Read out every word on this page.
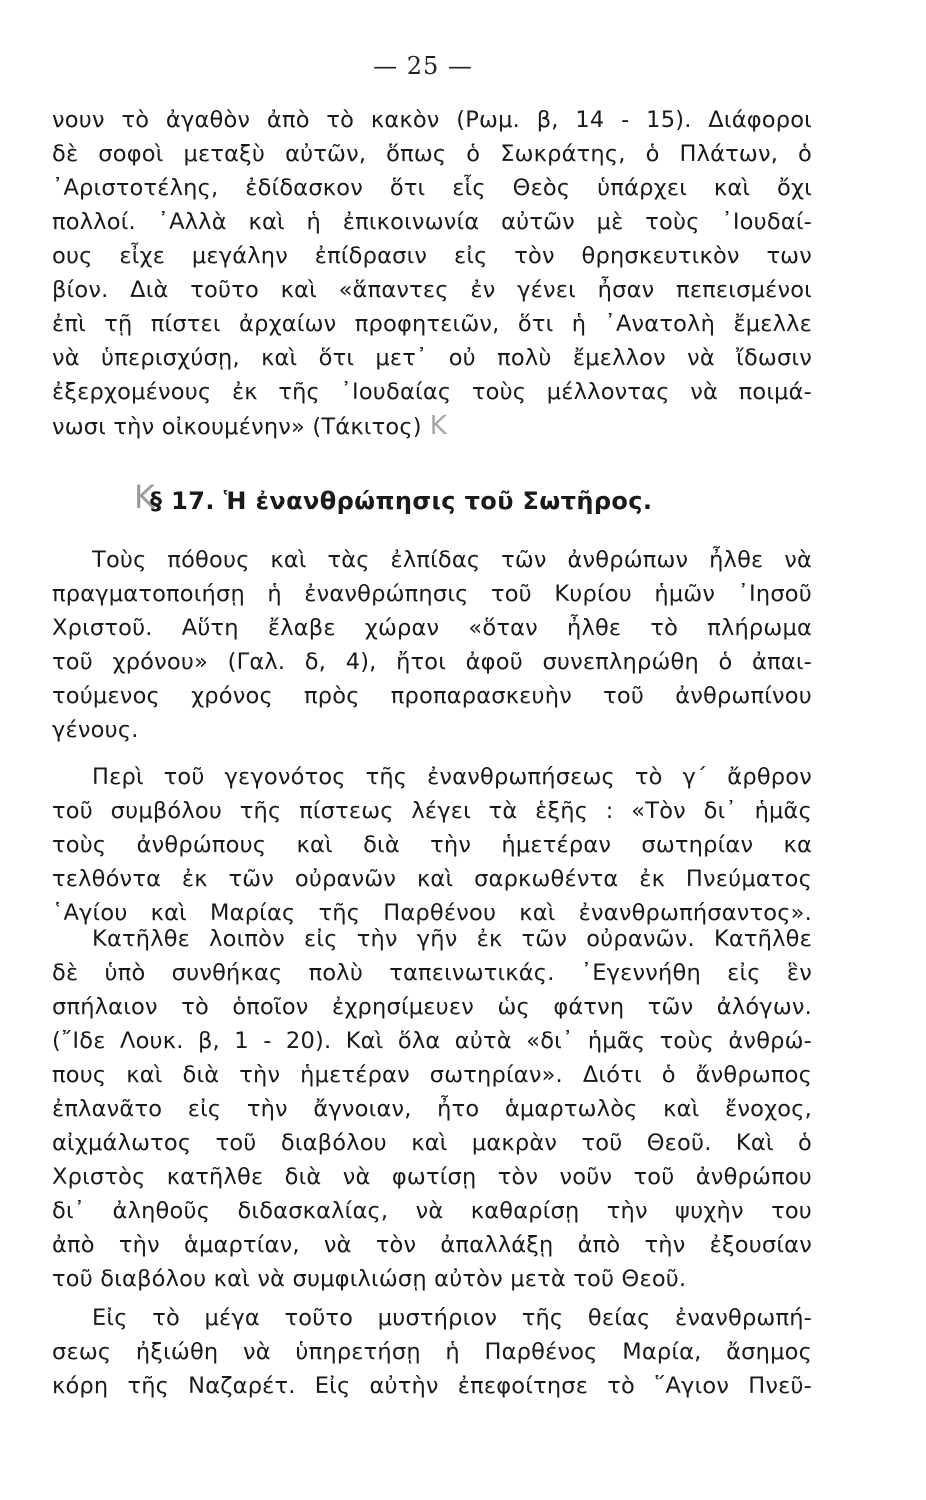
— 25 —
νουν τὸ ἀγαθὸν ἀπὸ τὸ κακὸν (Ρωμ. β, 14 - 15). Διάφοροι
δὲ σοφοὶ μεταξὺ αὐτῶν, ὅπως ὁ Σωκράτης, ὁ Πλάτων, ὁ
᾿Αριστοτέλης, ἐδίδασκον ὅτι εἷς Θεὸς ὑπάρχει καὶ ὄχι
πολλοί. ᾿Αλλὰ καὶ ἡ ἐπικοινωνία αὐτῶν μὲ τοὺς ᾿Ιουδαί-
ους εἶχε μεγάλην ἐπίδρασιν εἰς τὸν θρησκευτικὸν των
βίον. Διὰ τοῦτο καὶ «ἅπαντες ἐν γένει ἦσαν πεπεισμένοι
ἐπὶ τῇ πίστει ἀρχαίων προφητειῶν, ὅτι ἡ ᾿Ανατολὴ ἔμελλε
νὰ ὑπερισχύσῃ, καὶ ὅτι μετ᾿ οὐ πολὺ ἔμελλον νὰ ἴδωσιν
ἐξερχομένους ἐκ τῆς ᾿Ιουδαίας τοὺς μέλλοντας νὰ ποιμά-
νωσι τὴν οἰκουμένην» (Τάκιτος) K
K
§ 17. Ἡ ἐνανθρώπησις τοῦ Σωτῆρος.
Τοὺς πόθους καὶ τὰς ἐλπίδας τῶν ἀνθρώπων ἦλθε νὰ
πραγματοποιήσῃ ἡ ἐνανθρώπησις τοῦ Κυρίου ἡμῶν ᾿Ιησοῦ
Χριστοῦ. Αὕτη ἔλαβε χώραν «ὅταν ἦλθε τὸ πλήρωμα
τοῦ χρόνου» (Γαλ. δ, 4), ἤτοι ἀφοῦ συνεπληρώθη ὁ ἀπαι-
τούμενος χρόνος πρὸς προπαρασκευὴν τοῦ ἀνθρωπίνου
γένους.
Περὶ τοῦ γεγονότος τῆς ἐνανθρωπήσεως τὸ γ΄ ἄρθρον
τοῦ συμβόλου τῆς πίστεως λέγει τὰ ἑξῆς : «Τὸν δι᾿ ἡμᾶς
τοὺς ἀνθρώπους καὶ διὰ τὴν ἡμετέραν σωτηρίαν κα
τελθόντα ἐκ τῶν οὐρανῶν καὶ σαρκωθέντα ἐκ Πνεύματος
῾Αγίου καὶ Μαρίας τῆς Παρθένου καὶ ἐνανθρωπήσαντος».
Κατῆλθε λοιπὸν εἰς τὴν γῆν ἐκ τῶν οὐρανῶν. Κατῆλθε
δὲ ὑπὸ συνθήκας πολὺ ταπεινωτικάς. ᾿Εγεννήθη εἰς ἓν
σπήλαιον τὸ ὁποῖον ἐχρησίμευεν ὡς φάτνη τῶν ἀλόγων.
(῎Ιδε Λουκ. β, 1 - 20). Καὶ ὅλα αὐτὰ «δι᾿ ἡμᾶς τοὺς ἀνθρώ-
πους καὶ διὰ τὴν ἡμετέραν σωτηρίαν». Διότι ὁ ἄνθρωπος
ἐπλανᾶτο εἰς τὴν ἄγνοιαν, ἦτο ἁμαρτωλὸς καὶ ἔνοχος,
αἰχμάλωτος τοῦ διαβόλου καὶ μακρὰν τοῦ Θεοῦ. Καὶ ὁ
Χριστὸς κατῆλθε διὰ νὰ φωτίσῃ τὸν νοῦν τοῦ ἀνθρώπου
δι᾿ ἀληθοῦς διδασκαλίας, νὰ καθαρίσῃ τὴν ψυχὴν του
ἀπὸ τὴν ἁμαρτίαν, νὰ τὸν ἀπαλλάξῃ ἀπὸ τὴν ἐξουσίαν
τοῦ διαβόλου καὶ νὰ συμφιλιώσῃ αὐτὸν μετὰ τοῦ Θεοῦ.
Εἰς τὸ μέγα τοῦτο μυστήριον τῆς θείας ἐνανθρωπή-
σεως ἠξιώθη νὰ ὑπηρετήσῃ ἡ Παρθένος Μαρία, ἄσημος
κόρη τῆς Ναζαρέτ. Εἰς αὐτὴν ἐπεφοίτησε τὸ ῞Αγιον Πνεῦ-
